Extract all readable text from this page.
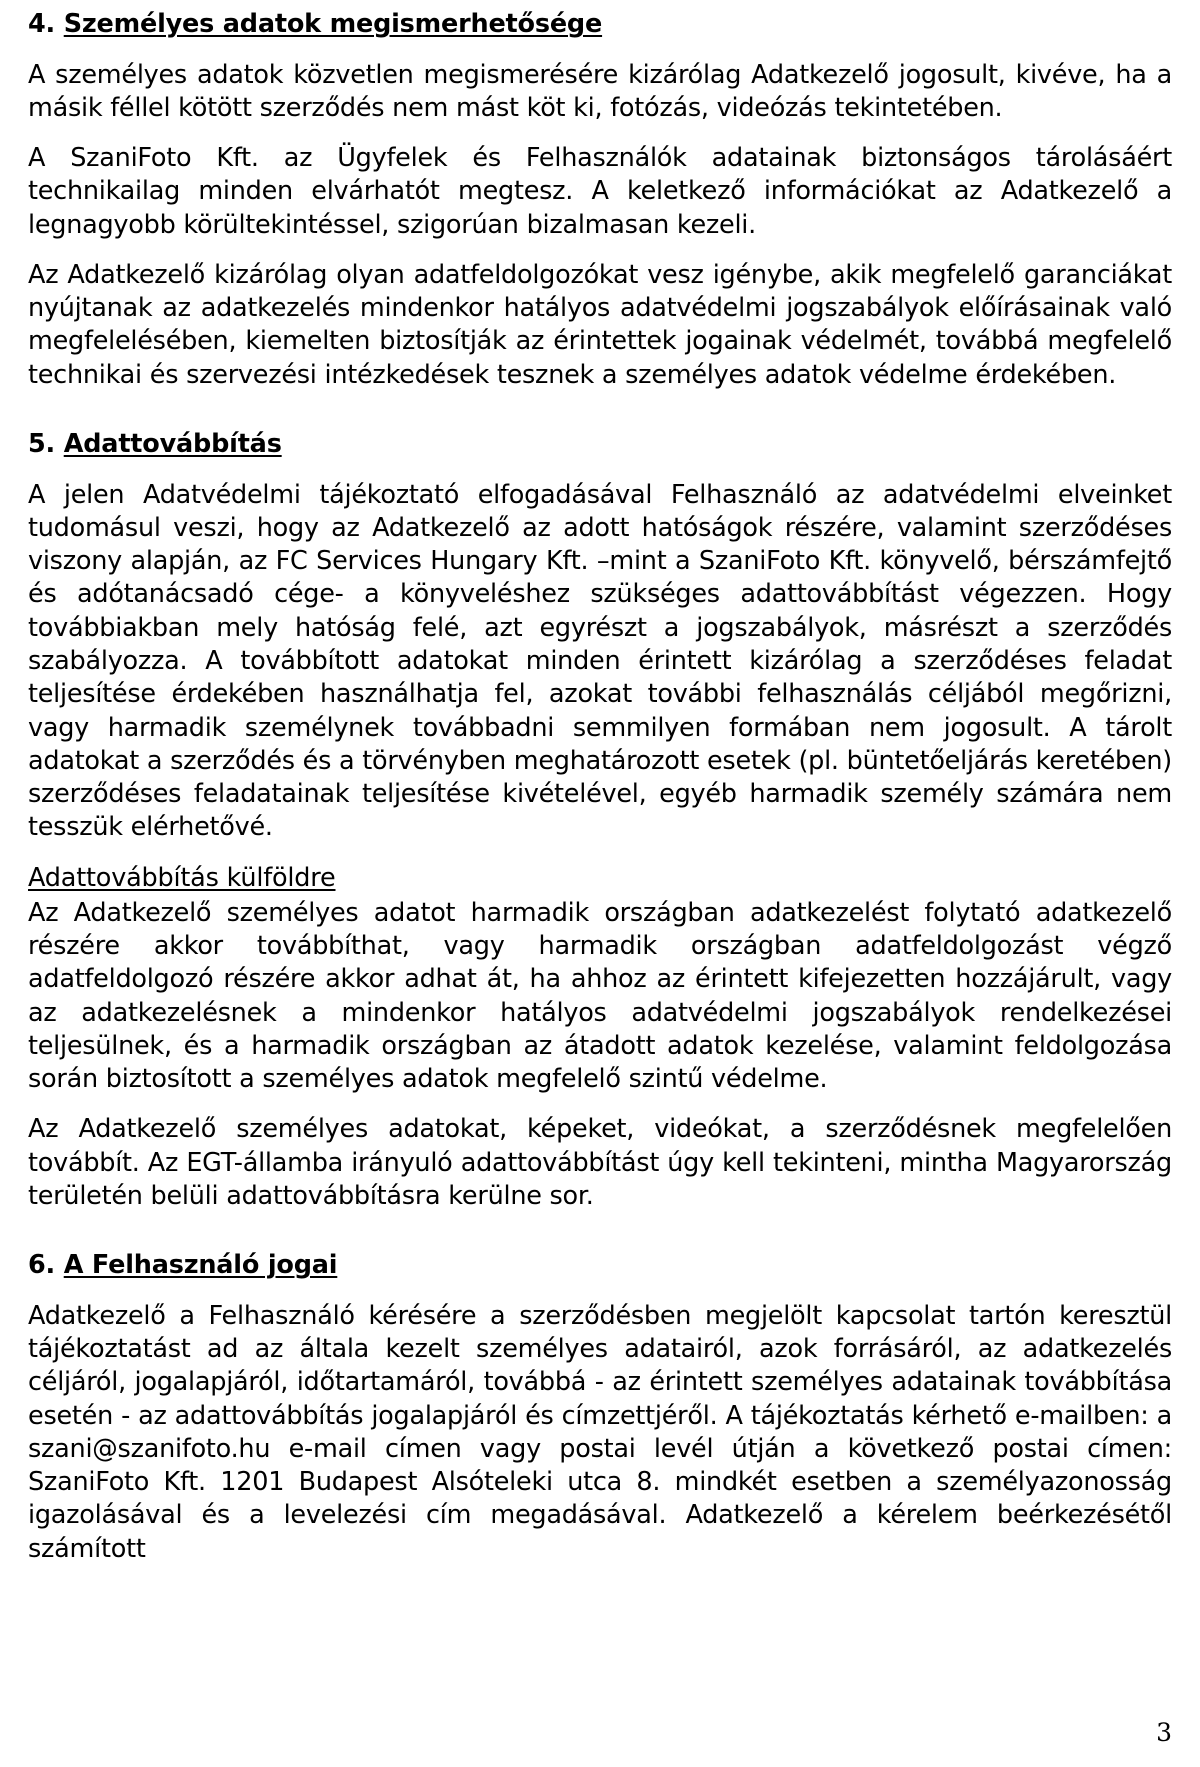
4. Személyes adatok megismerhetősége

A személyes adatok közvetlen megismerésére kizárólag Adatkezelő jogosult, kivéve, ha a másik féllel kötött szerződés nem mást köt ki, fotózás, videózás tekintetében.

A SzaniFoto Kft. az Ügyfelek és Felhasználók adatainak biztonságos tárolásáért technikailag minden elvárhatót megtesz. A keletkező információkat az Adatkezelő a legnagyobb körültekintéssel, szigorúan bizalmasan kezeli.

Az Adatkezelő kizárólag olyan adatfeldolgozókat vesz igénybe, akik megfelelő garanciákat nyújtanak az adatkezelés mindenkor hatályos adatvédelmi jogszabályok előírásainak való megfelelésében, kiemelten biztosítják az érintettek jogainak védelmét, továbbá megfelelő technikai és szervezési intézkedések tesznek a személyes adatok védelme érdekében.

5. Adattovábbítás

A jelen Adatvédelmi tájékoztató elfogadásával Felhasználó az adatvédelmi elveinket tudomásul veszi, hogy az Adatkezelő az adott hatóságok részére, valamint szerződéses viszony alapján, az FC Services Hungary Kft. –mint a SzaniFoto Kft. könyvelő, bérszámfejtő és adótanácsadó cége- a könyveléshez szükséges adattovábbítást végezzen. Hogy továbbiakban mely hatóság felé, azt egyrészt a jogszabályok, másrészt a szerződés szabályozza. A továbbított adatokat minden érintett kizárólag a szerződéses feladat teljesítése érdekében használhatja fel, azokat további felhasználás céljából megőrizni, vagy harmadik személynek továbbadni semmilyen formában nem jogosult. A tárolt adatokat a szerződés és a törvényben meghatározott esetek (pl. büntetőeljárás keretében) szerződéses feladatainak teljesítése kivételével, egyéb harmadik személy számára nem tesszük elérhetővé.

Adattovábbítás külföldre

Az Adatkezelő személyes adatot harmadik országban adatkezelést folytató adatkezelő részére akkor továbbíthat, vagy harmadik országban adatfeldolgozást végző adatfeldolgozó részére akkor adhat át, ha ahhoz az érintett kifejezetten hozzájárult, vagy az adatkezelésnek a mindenkor hatályos adatvédelmi jogszabályok rendelkezései teljesülnek, és a harmadik országban az átadott adatok kezelése, valamint feldolgozása során biztosított a személyes adatok megfelelő szintű védelme.

Az Adatkezelő személyes adatokat, képeket, videókat, a szerződésnek megfelelően továbbít. Az EGT-államba irányuló adattovábbítást úgy kell tekinteni, mintha Magyarország területén belüli adattovábbításra kerülne sor.

6. A Felhasználó jogai

Adatkezelő a Felhasználó kérésére a szerződésben megjelölt kapcsolat tartón keresztül tájékoztatást ad az általa kezelt személyes adatairól, azok forrásáról, az adatkezelés céljáról, jogalapjáról, időtartamáról, továbbá - az érintett személyes adatainak továbbítása esetén - az adattovábbítás jogalapjáról és címzettjéről. A tájékoztatás kérhető e-mailben: a szani@szanifoto.hu e-mail címen vagy postai levél útján a következő postai címen: SzaniFoto Kft. 1201 Budapest Alsóteleki utca 8. mindkét esetben a személyazonosság igazolásával és a levelezési cím megadásával. Adatkezelő a kérelem beérkezésétől számított

3
